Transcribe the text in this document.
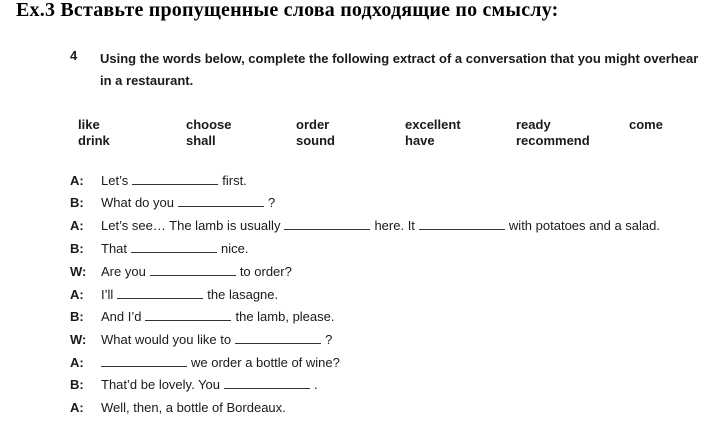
Ex.3 Вставьте пропущенные слова подходящие по смыслу:
4 Using the words below, complete the following extract of a conversation that you might overhear in a restaurant.
like	choose	order	excellent	ready	come
drink	shall	sound	have	recommend
A: Let’s	first.
B: What do you	?
A: Let’s see… The lamb is usually	here. It	with potatoes and a salad.
B: That	nice.
W: Are you	to order?
A: I’ll	the lasagne.
B: And I’d	the lamb, please.
W: What would you like to	?
A:	we order a bottle of wine?
B: That’d be lovely. You	.
A: Well, then, a bottle of Bordeaux.
